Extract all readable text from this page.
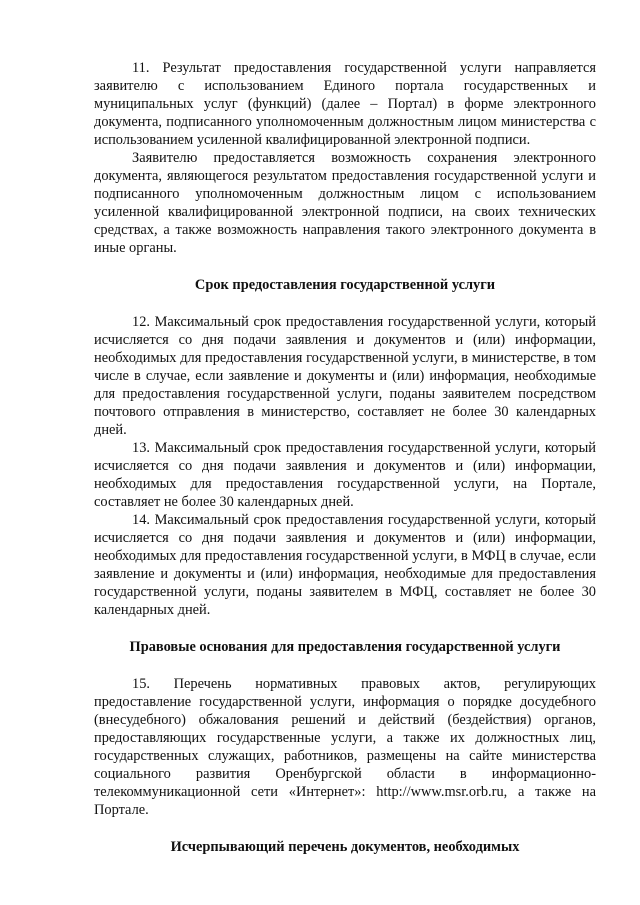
11. Результат предоставления государственной услуги направляется заявителю с использованием Единого портала государственных и муниципальных услуг (функций) (далее – Портал) в форме электронного документа, подписанного уполномоченным должностным лицом министерства с использованием усиленной квалифицированной электронной подписи.

Заявителю предоставляется возможность сохранения электронного документа, являющегося результатом предоставления государственной услуги и подписанного уполномоченным должностным лицом с использованием усиленной квалифицированной электронной подписи, на своих технических средствах, а также возможность направления такого электронного документа в иные органы.

Срок предоставления государственной услуги

12. Максимальный срок предоставления государственной услуги, который исчисляется со дня подачи заявления и документов и (или) информации, необходимых для предоставления государственной услуги, в министерстве, в том числе в случае, если заявление и документы и (или) информация, необходимые для предоставления государственной услуги, поданы заявителем посредством почтового отправления в министерство, составляет не более 30 календарных дней.

13. Максимальный срок предоставления государственной услуги, который исчисляется со дня подачи заявления и документов и (или) информации, необходимых для предоставления государственной услуги, на Портале, составляет не более 30 календарных дней.

14. Максимальный срок предоставления государственной услуги, который исчисляется со дня подачи заявления и документов и (или) информации, необходимых для предоставления государственной услуги, в МФЦ в случае, если заявление и документы и (или) информация, необходимые для предоставления государственной услуги, поданы заявителем в МФЦ, составляет не более 30 календарных дней.

Правовые основания для предоставления государственной услуги

15. Перечень нормативных правовых актов, регулирующих предоставление государственной услуги, информация о порядке досудебного (внесудебного) обжалования решений и действий (бездействия) органов, предоставляющих государственные услуги, а также их должностных лиц, государственных служащих, работников, размещены на сайте министерства социального развития Оренбургской области в информационно-телекоммуникационной сети «Интернет»: http://www.msr.orb.ru, а также на Портале.

Исчерпывающий перечень документов, необходимых
